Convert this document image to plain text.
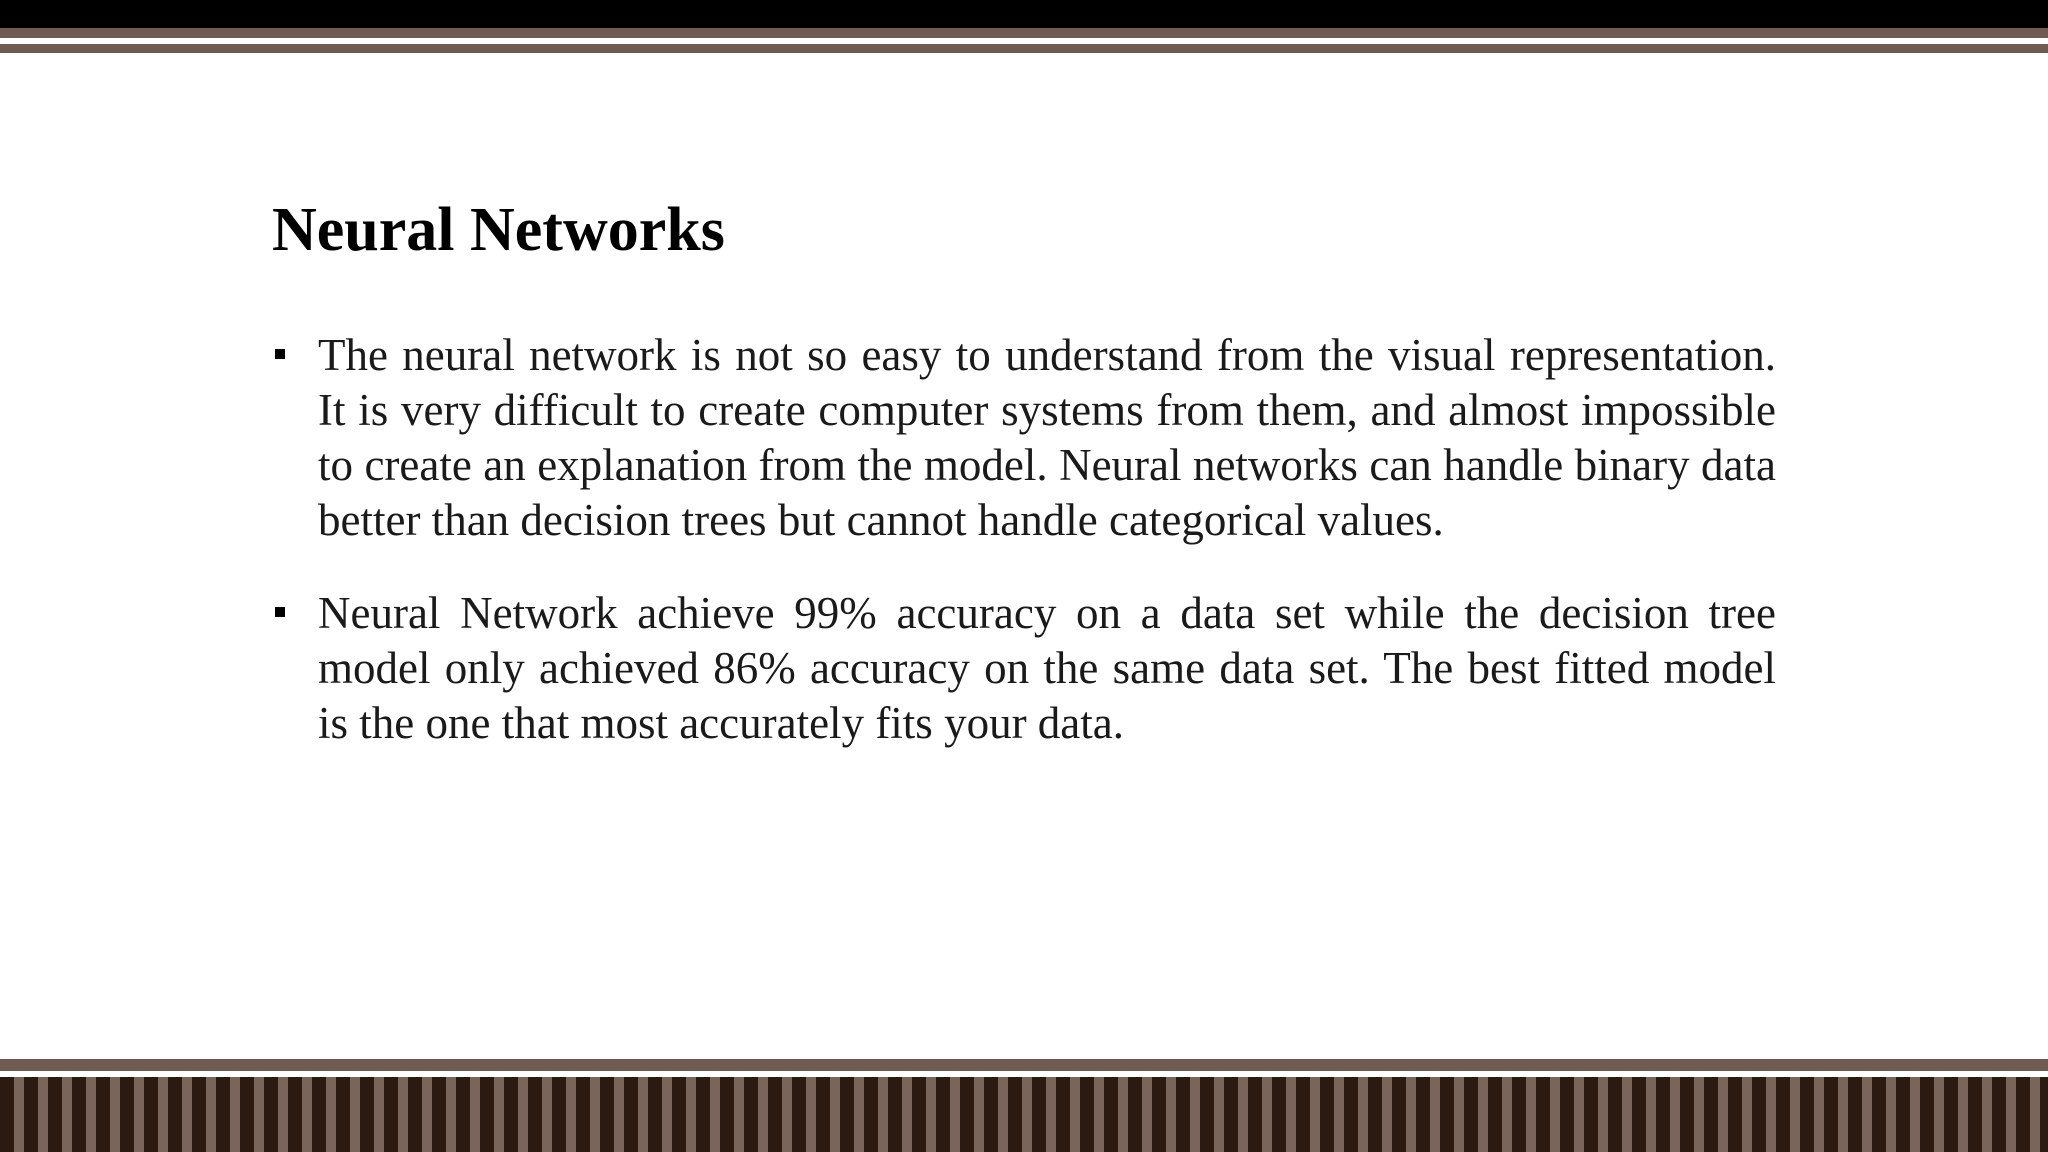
Neural Networks
The neural network is not so easy to understand from the visual representation. It is very difficult to create computer systems from them, and almost impossible to create an explanation from the model. Neural networks can handle binary data better than decision trees but cannot handle categorical values.
Neural Network achieve 99% accuracy on a data set while the decision tree model only achieved 86% accuracy on the same data set. The best fitted model is the one that most accurately fits your data.
